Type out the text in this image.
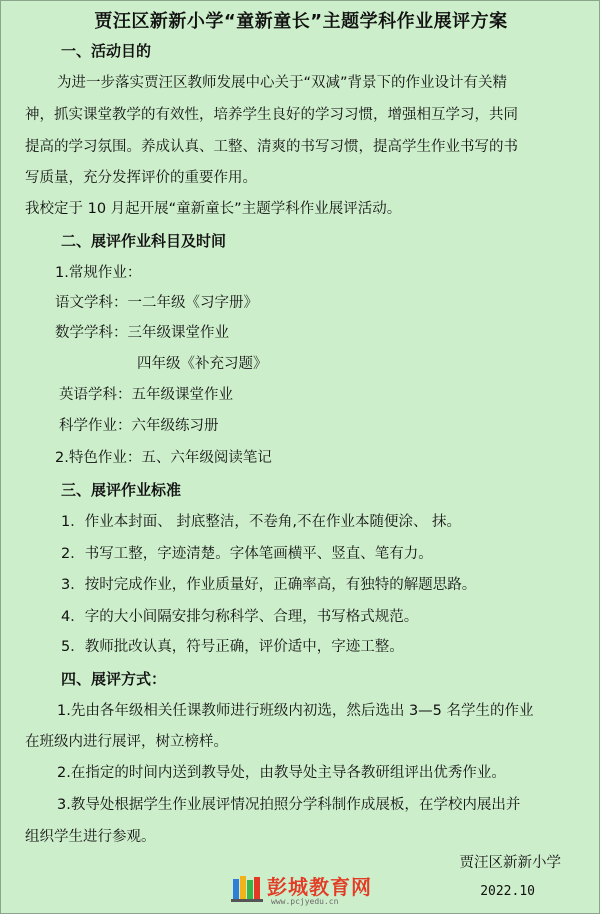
贾汪区新新小学“童新童长”主题学科作业展评方案
一、活动目的
为进一步落实贾汪区教师发展中心关于“双减”背景下的作业设计有关精
神，抓实课堂教学的有效性，培养学生良好的学习习惯，增强相互学习，共同
提高的学习氛围。养成认真、工整、清爽的书写习惯，提高学生作业书写的书
写质量，充分发挥评价的重要作用。
我校定于 10 月起开展“童新童长”主题学科作业展评活动。
二、展评作业科目及时间
1.常规作业：
语文学科：一二年级《习字册》
数学学科：三年级课堂作业
四年级《补充习题》
英语学科：五年级课堂作业
科学作业：六年级练习册
2.特色作业：五、六年级阅读笔记
三、展评作业标准
1．作业本封面、 封底整洁，不卷角,不在作业本随便涂、 抹。
2．书写工整，字迹清楚。字体笔画横平、竖直、笔有力。
3．按时完成作业，作业质量好，正确率高，有独特的解题思路。
4．字的大小间隔安排匀称科学、合理，书写格式规范。
5．教师批改认真，符号正确，评价适中，字迹工整。
四、展评方式：
1.先由各年级相关任课教师进行班级内初选，然后选出 3—5 名学生的作业
在班级内进行展评，树立榜样。
2.在指定的时间内送到教导处，由教导处主导各教研组评出优秀作业。
3.教导处根据学生作业展评情况拍照分学科制作成展板，在学校内展出并
组织学生进行参观。
彭城教育网
www.pcjyedu.cn
贾汪区新新小学
2022.10
